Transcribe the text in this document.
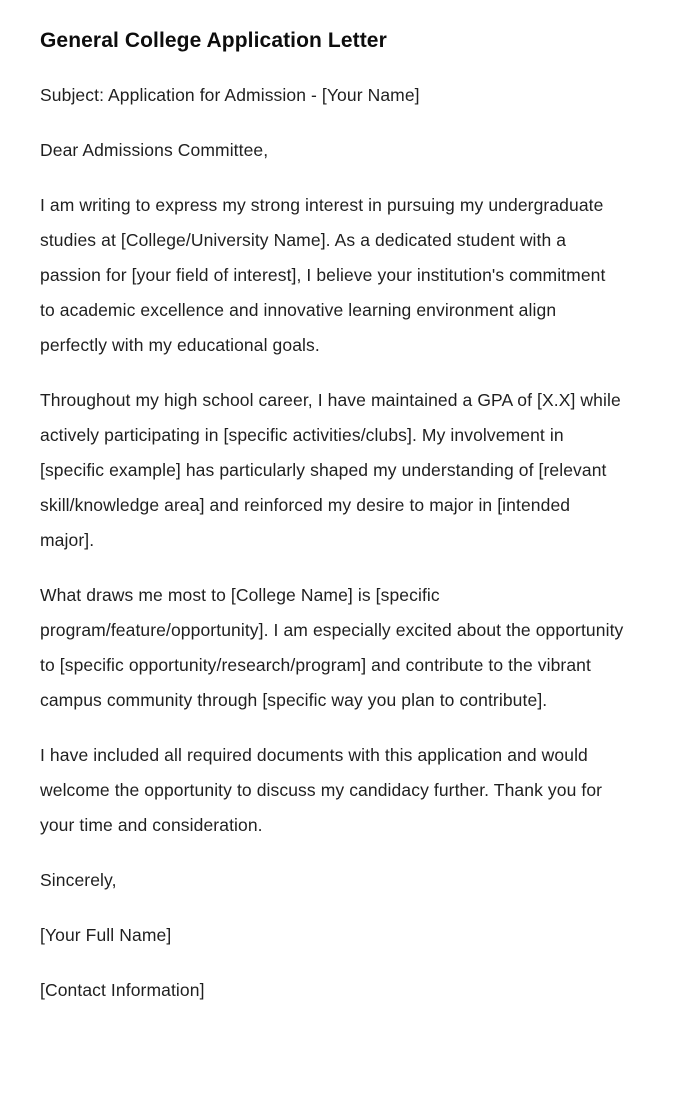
General College Application Letter

Subject: Application for Admission - [Your Name]

Dear Admissions Committee,

I am writing to express my strong interest in pursuing my undergraduate studies at [College/University Name]. As a dedicated student with a passion for [your field of interest], I believe your institution's commitment to academic excellence and innovative learning environment align perfectly with my educational goals.

Throughout my high school career, I have maintained a GPA of [X.X] while actively participating in [specific activities/clubs]. My involvement in [specific example] has particularly shaped my understanding of [relevant skill/knowledge area] and reinforced my desire to major in [intended major].

What draws me most to [College Name] is [specific program/feature/opportunity]. I am especially excited about the opportunity to [specific opportunity/research/program] and contribute to the vibrant campus community through [specific way you plan to contribute].

I have included all required documents with this application and would welcome the opportunity to discuss my candidacy further. Thank you for your time and consideration.

Sincerely,

[Your Full Name]

[Contact Information]
